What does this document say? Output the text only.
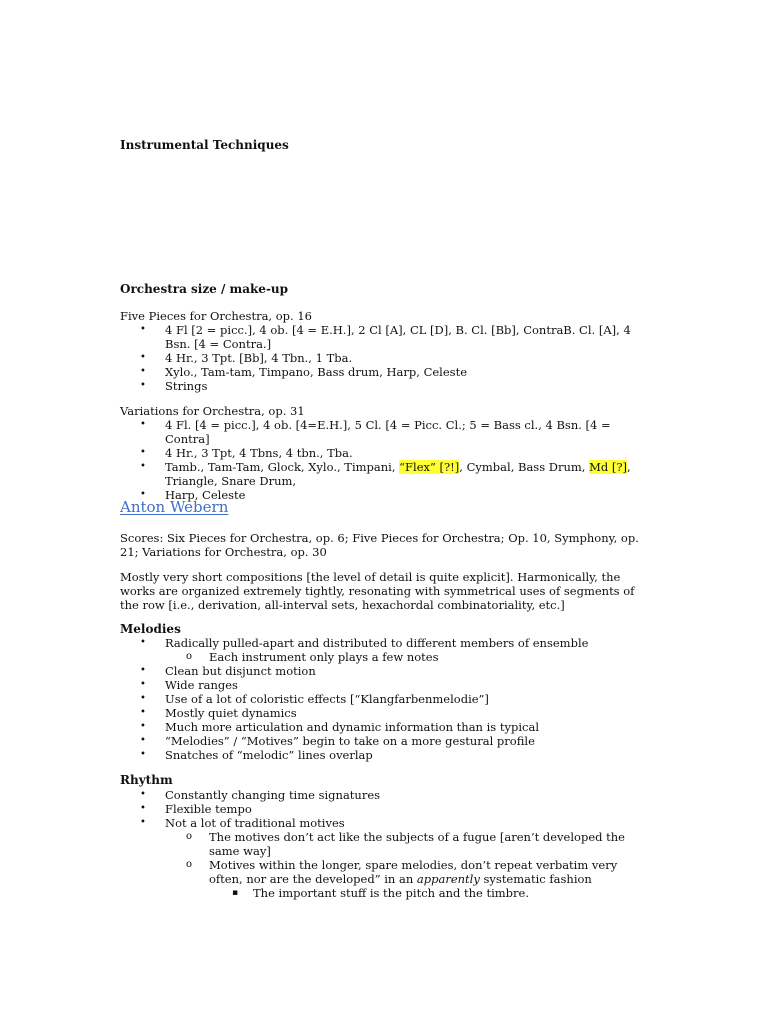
Instrumental Techniques
Orchestra size / make-up

Five Pieces for Orchestra, op. 16

• 4 Fl [2 = picc.], 4 ob. [4 = E.H.], 2 Cl [A], CL [D], B. Cl. [Bb], ContraB. Cl. [A], 4 Bsn. [4 = Contra.]
• 4 Hr., 3 Tpt. [Bb], 4 Tbn., 1 Tba.
• Xylo., Tam-tam, Timpano, Bass drum, Harp, Celeste
• Strings

Variations for Orchestra, op. 31

• 4 Fl. [4 = picc.], 4 ob. [4=E.H.], 5 Cl. [4 = Picc. Cl.; 5 = Bass cl., 4 Bsn. [4 = Contra]
• 4 Hr., 3 Tpt, 4 Tbns, 4 tbn., Tba.
• Tamb., Tam-Tam, Glock, Xylo., Timpani, “Flex” [?!], Cymbal, Bass Drum, Md [?], Triangle, Snare Drum,
• Harp, Celeste
Anton Webern

Scores: Six Pieces for Orchestra, op. 6; Five Pieces for Orchestra; Op. 10, Symphony, op. 21; Variations for Orchestra, op. 30

Mostly very short compositions [the level of detail is quite explicit]. Harmonically, the works are organized extremely tightly, resonating with symmetrical uses of segments of the row [i.e., derivation, all-interval sets, hexachordal combinatoriality, etc.]

Melodies
• Radically pulled-apart and distributed to different members of ensemble
o Each instrument only plays a few notes
• Clean but disjunct motion
• Wide ranges
• Use of a lot of coloristic effects [“Klangfarbenmelodie”]
• Mostly quiet dynamics
• Much more articulation and dynamic information than is typical
• “Melodies” / “Motives” begin to take on a more gestural profile
• Snatches of “melodic” lines overlap
Rhythm
• Constantly changing time signatures
• Flexible tempo
• Not a lot of traditional motives
o The motives don’t act like the subjects of a fugue [aren’t developed the same way]
o Motives within the longer, spare melodies, don’t repeat verbatim very often, nor are the developed” in an apparently systematic fashion
▪ The important stuff is the pitch and the timbre.
